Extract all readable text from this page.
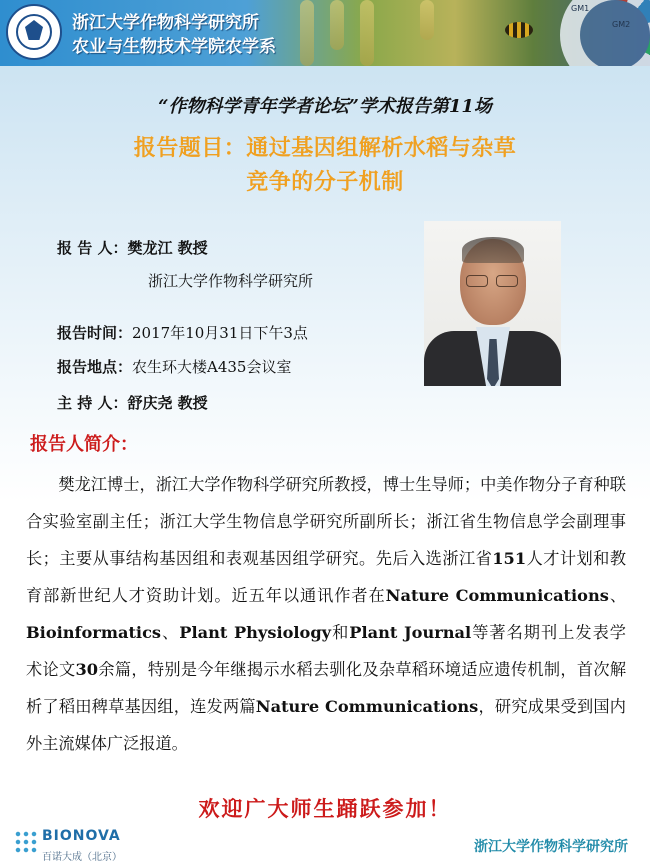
GM1
GM2
浙江大学作物科学研究所
农业与生物技术学院农学系
“作物科学青年学者论坛”学术报告第11场
报告题目：通过基因组解析水稻与杂草
竞争的分子机制
报 告 人：樊龙江 教授
浙江大学作物科学研究所
报告时间：2017年10月31日下午3点
报告地点：农生环大楼A435会议室
主 持 人：舒庆尧 教授
报告人简介：
樊龙江博士，浙江大学作物科学研究所教授，博士生导师；中美作物分子育种联合实验室副主任；浙江大学生物信息学研究所副所长；浙江省生物信息学会副理事长；主要从事结构基因组和表观基因组学研究。先后入选浙江省151人才计划和教育部新世纪人才资助计划。近五年以通讯作者在Nature Communications、Bioinformatics、Plant Physiology和Plant Journal等著名期刊上发表学术论文30余篇，特别是今年继揭示水稻去驯化及杂草稻环境适应遗传机制，首次解析了稻田稗草基因组，连发两篇Nature Communications，研究成果受到国内外主流媒体广泛报道。
欢迎广大师生踊跃参加！
BIONOVA
百诺大成（北京）
浙江大学作物科学研究所
